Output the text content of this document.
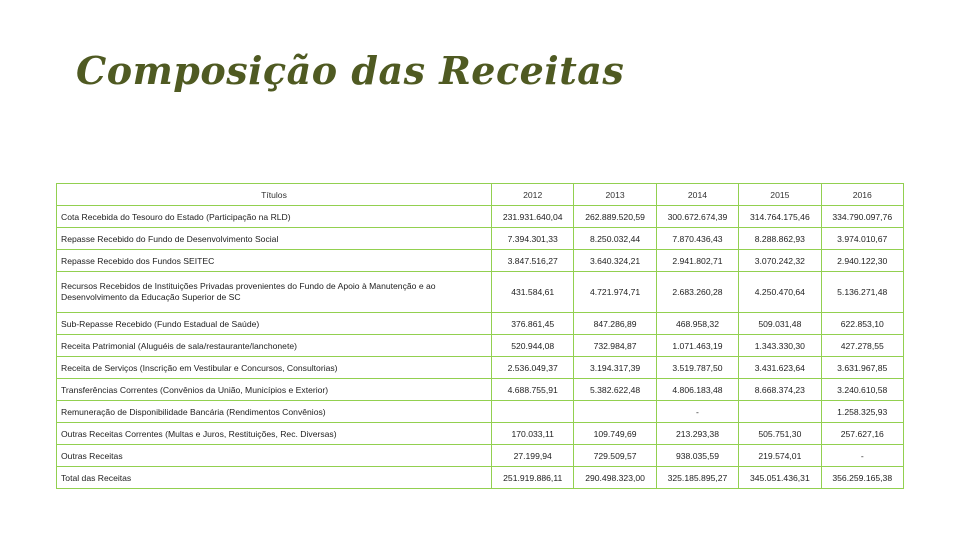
Composição das Receitas
Títulos	2012	2013	2014	2015	2016
Cota Recebida do Tesouro do Estado (Participação na RLD)	231.931.640,04	262.889.520,59	300.672.674,39	314.764.175,46	334.790.097,76
Repasse Recebido do Fundo de Desenvolvimento Social	7.394.301,33	8.250.032,44	7.870.436,43	8.288.862,93	3.974.010,67
Repasse Recebido dos Fundos SEITEC	3.847.516,27	3.640.324,21	2.941.802,71	3.070.242,32	2.940.122,30
Recursos Recebidos de Instituições Privadas provenientes do Fundo de Apoio à Manutenção e ao Desenvolvimento da Educação Superior de SC	431.584,61	4.721.974,71	2.683.260,28	4.250.470,64	5.136.271,48
Sub-Repasse Recebido (Fundo Estadual de Saúde)	376.861,45	847.286,89	468.958,32	509.031,48	622.853,10
Receita Patrimonial (Aluguéis de sala/restaurante/lanchonete)	520.944,08	732.984,87	1.071.463,19	1.343.330,30	427.278,55
Receita de Serviços (Inscrição em Vestibular e Concursos, Consultorias)	2.536.049,37	3.194.317,39	3.519.787,50	3.431.623,64	3.631.967,85
Transferências Correntes (Convênios da União, Municípios e Exterior)	4.688.755,91	5.382.622,48	4.806.183,48	8.668.374,23	3.240.610,58
Remuneração de Disponibilidade Bancária (Rendimentos Convênios)			-		1.258.325,93
Outras Receitas Correntes (Multas e Juros, Restituições, Rec. Diversas)	170.033,11	109.749,69	213.293,38	505.751,30	257.627,16
Outras Receitas	27.199,94	729.509,57	938.035,59	219.574,01	-
Total das Receitas	251.919.886,11	290.498.323,00	325.185.895,27	345.051.436,31	356.259.165,38
